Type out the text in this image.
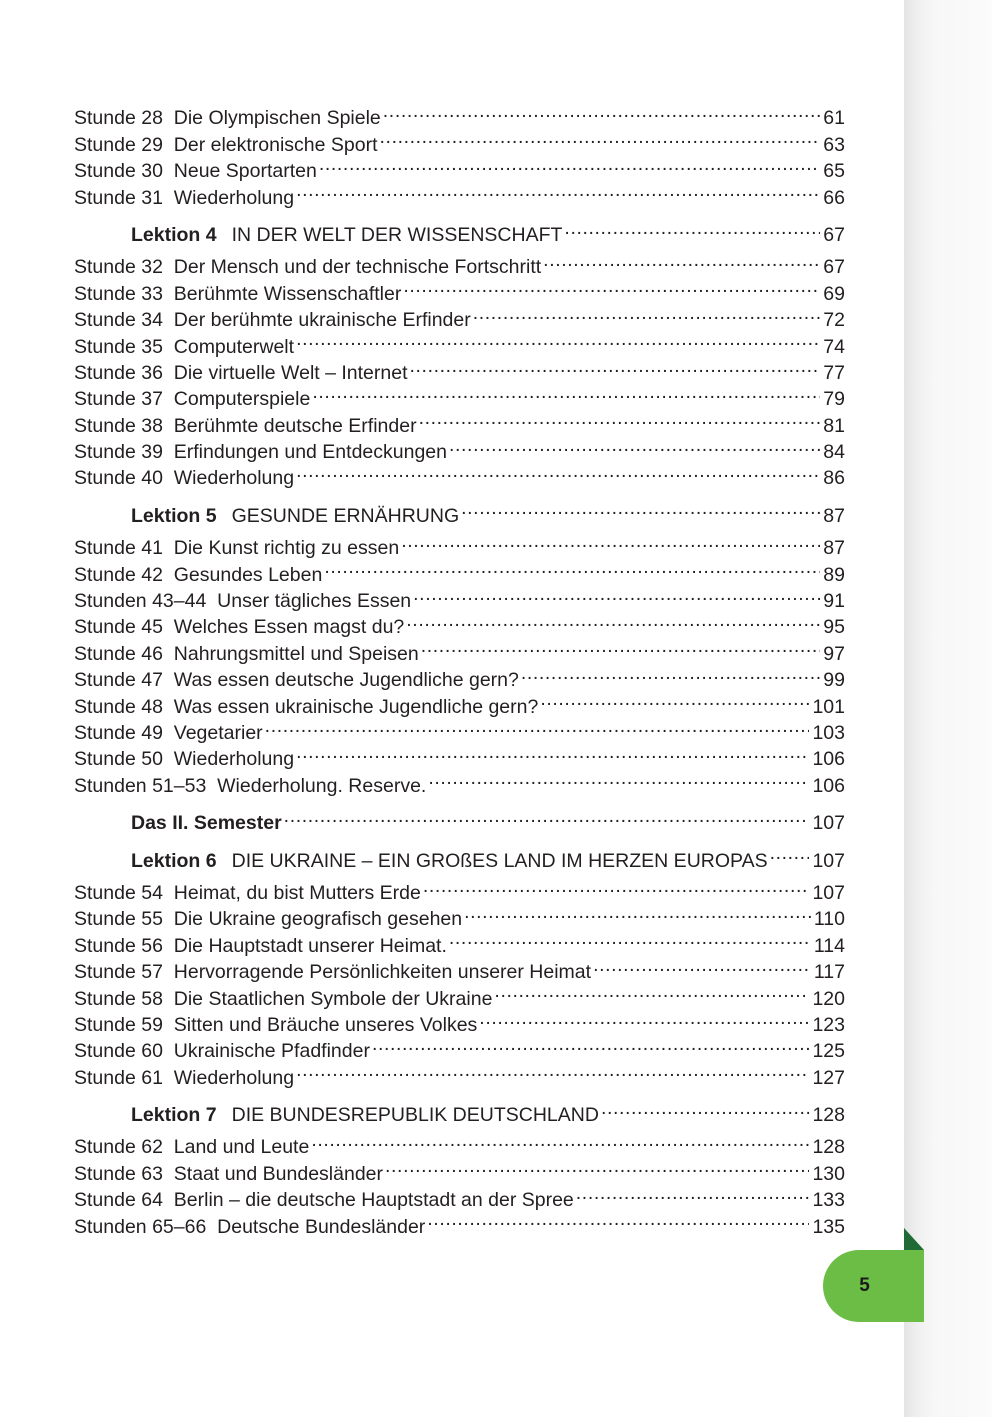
Stunde 28 Die Olympischen Spiele .....	61
Stunde 29 Der elektronische Sport .....	63
Stunde 30 Neue Sportarten .....	65
Stunde 31 Wiederholung .....	66
Lektion 4 IN DER WELT DER WISSENSCHAFT .....	67
Stunde 32 Der Mensch und der technische Fortschritt .....	67
Stunde 33 Berühmte Wissenschaftler .....	69
Stunde 34 Der berühmte ukrainische Erfinder .....	72
Stunde 35 Computerwelt .....	74
Stunde 36 Die virtuelle Welt – Internet .....	77
Stunde 37 Computerspiele .....	79
Stunde 38 Berühmte deutsche Erfinder .....	81
Stunde 39 Erfindungen und Entdeckungen .....	84
Stunde 40 Wiederholung .....	86
Lektion 5 GESUNDE ERNÄHRUNG .....	87
Stunde 41 Die Kunst richtig zu essen .....	87
Stunde 42 Gesundes Leben .....	89
Stunden 43–44 Unser tägliches Essen .....	91
Stunde 45 Welches Essen magst du? .....	95
Stunde 46 Nahrungsmittel und Speisen .....	97
Stunde 47 Was essen deutsche Jugendliche gern? .....	99
Stunde 48 Was essen ukrainische Jugendliche gern? .....	101
Stunde 49 Vegetarier .....	103
Stunde 50 Wiederholung .....	106
Stunden 51–53 Wiederholung. Reserve. .....	106
Das II. Semester .....	107
Lektion 6 DIE UKRAINE – EIN GROßES LAND IM HERZEN EUROPAS ..... 107
Stunde 54 Heimat, du bist Mutters Erde .....	107
Stunde 55 Die Ukraine geografisch gesehen .....	110
Stunde 56 Die Hauptstadt unserer Heimat. .....	114
Stunde 57 Hervorragende Persönlichkeiten unserer Heimat .....	117
Stunde 58 Die Staatlichen Symbole der Ukraine .....	120
Stunde 59 Sitten und Bräuche unseres Volkes .....	123
Stunde 60 Ukrainische Pfadfinder .....	125
Stunde 61 Wiederholung .....	127
Lektion 7 DIE BUNDESREPUBLIK DEUTSCHLAND .....	128
Stunde 62 Land und Leute .....	128
Stunde 63 Staat und Bundesländer .....	130
Stunde 64 Berlin – die deutsche Hauptstadt an der Spree .....	133
Stunden 65–66 Deutsche Bundesländer .....	135
5
